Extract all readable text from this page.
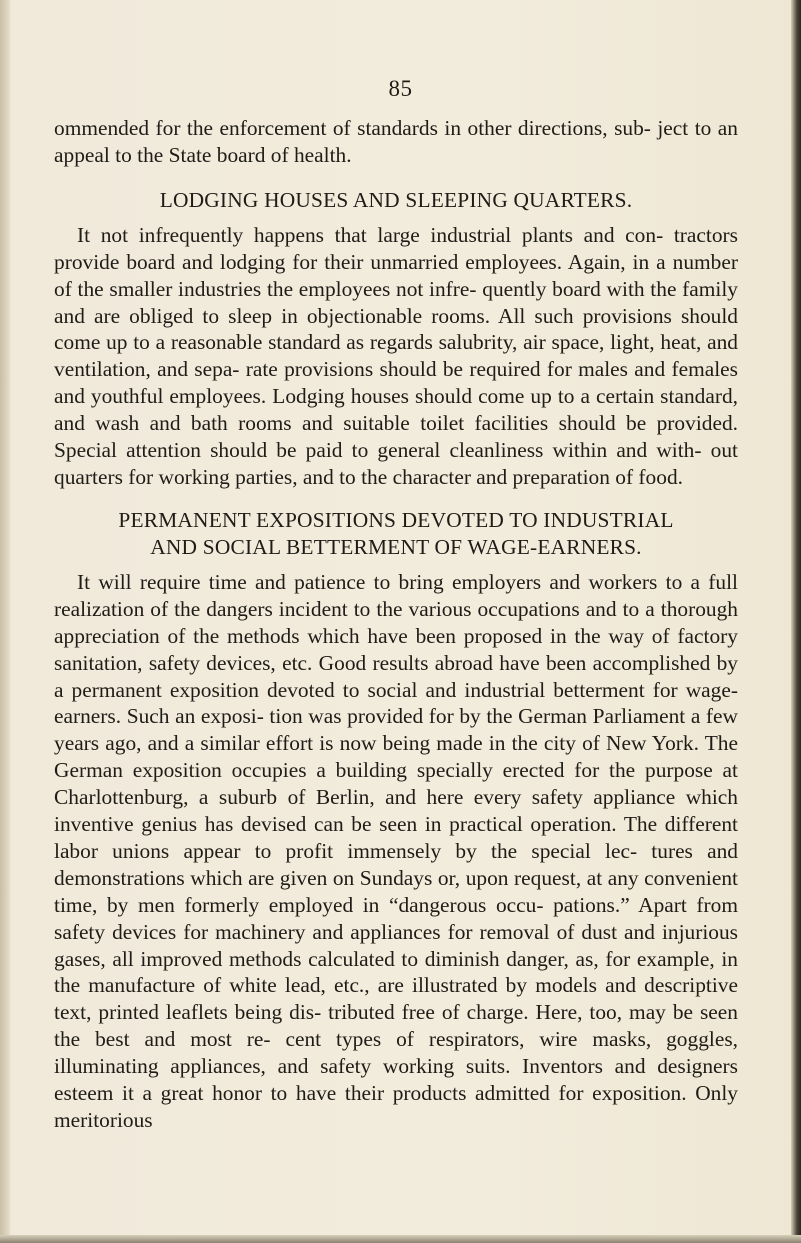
85

ommended for the enforcement of standards in other directions, sub- ject to an appeal to the State board of health.

LODGING HOUSES AND SLEEPING QUARTERS.

It not infrequently happens that large industrial plants and con- tractors provide board and lodging for their unmarried employees. Again, in a number of the smaller industries the employees not infre- quently board with the family and are obliged to sleep in objectionable rooms. All such provisions should come up to a reasonable standard as regards salubrity, air space, light, heat, and ventilation, and sepa- rate provisions should be required for males and females and youthful employees. Lodging houses should come up to a certain standard, and wash and bath rooms and suitable toilet facilities should be provided. Special attention should be paid to general cleanliness within and with- out quarters for working parties, and to the character and preparation of food.

PERMANENT EXPOSITIONS DEVOTED TO INDUSTRIAL
AND SOCIAL BETTERMENT OF WAGE-EARNERS.

It will require time and patience to bring employers and workers to a full realization of the dangers incident to the various occupations and to a thorough appreciation of the methods which have been proposed in the way of factory sanitation, safety devices, etc. Good results abroad have been accomplished by a permanent exposition devoted to social and industrial betterment for wage-earners. Such an exposi- tion was provided for by the German Parliament a few years ago, and a similar effort is now being made in the city of New York. The German exposition occupies a building specially erected for the purpose at Charlottenburg, a suburb of Berlin, and here every safety appliance which inventive genius has devised can be seen in practical operation. The different labor unions appear to profit immensely by the special lec- tures and demonstrations which are given on Sundays or, upon request, at any convenient time, by men formerly employed in “dangerous occu- pations.” Apart from safety devices for machinery and appliances for removal of dust and injurious gases, all improved methods calculated to diminish danger, as, for example, in the manufacture of white lead, etc., are illustrated by models and descriptive text, printed leaflets being dis- tributed free of charge. Here, too, may be seen the best and most re- cent types of respirators, wire masks, goggles, illuminating appliances, and safety working suits. Inventors and designers esteem it a great honor to have their products admitted for exposition. Only meritorious
